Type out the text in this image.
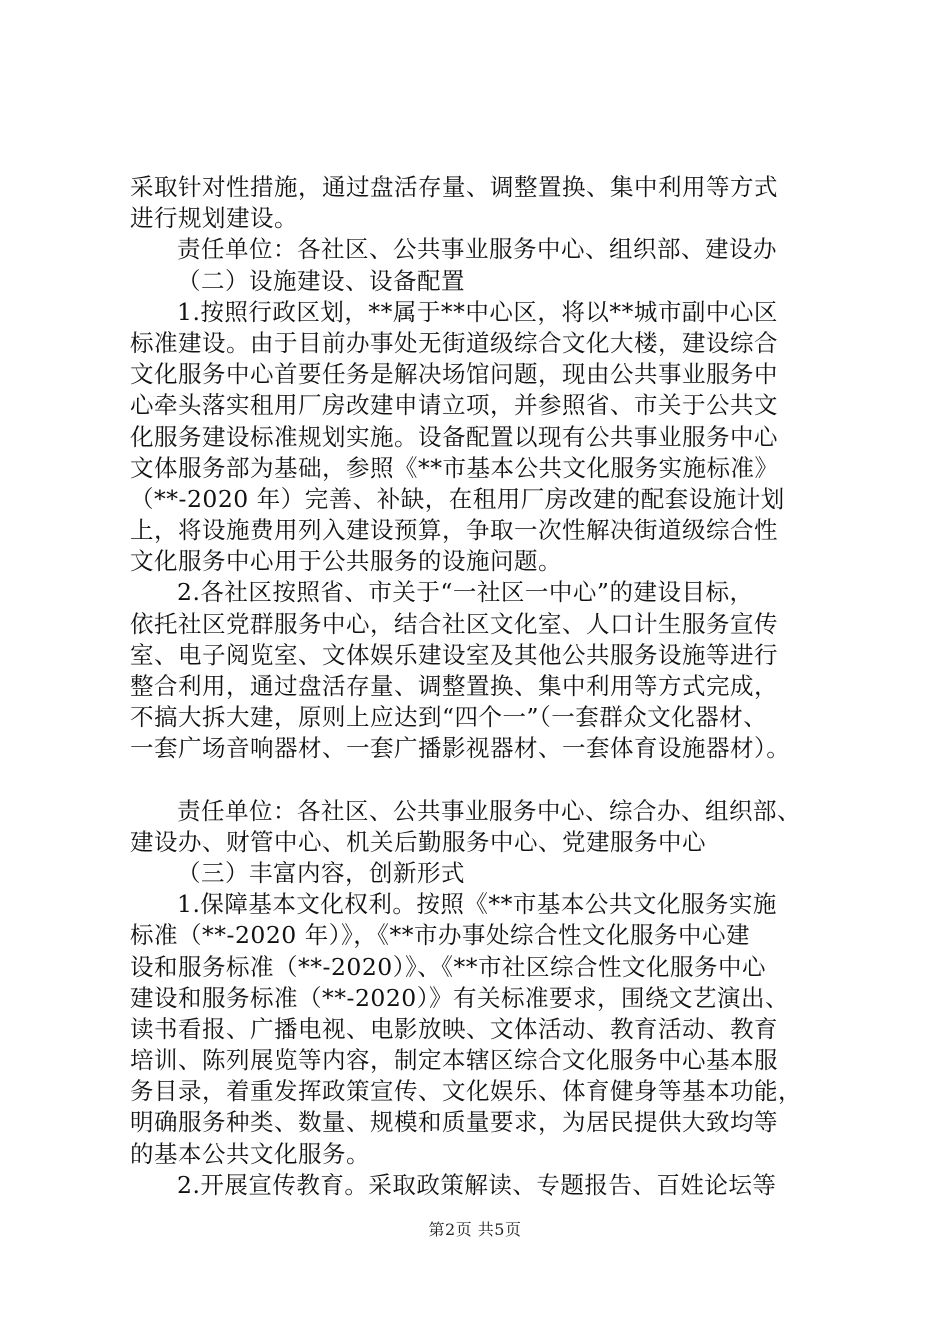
采取针对性措施，通过盘活存量、调整置换、集中利用等方式
进行规划建设。
责任单位：各社区、公共事业服务中心、组织部、建设办
（二）设施建设、设备配置
1.按照行政区划，**属于**中心区，将以**城市副中心区
标准建设。由于目前办事处无街道级综合文化大楼，建设综合
文化服务中心首要任务是解决场馆问题，现由公共事业服务中
心牵头落实租用厂房改建申请立项，并参照省、市关于公共文
化服务建设标准规划实施。设备配置以现有公共事业服务中心
文体服务部为基础，参照《**市基本公共文化服务实施标准》
（**-2020 年）完善、补缺，在租用厂房改建的配套设施计划
上，将设施费用列入建设预算，争取一次性解决街道级综合性
文化服务中心用于公共服务的设施问题。
2.各社区按照省、市关于“一社区一中心”的建设目标，
依托社区党群服务中心，结合社区文化室、人口计生服务宣传
室、电子阅览室、文体娱乐建设室及其他公共服务设施等进行
整合利用，通过盘活存量、调整置换、集中利用等方式完成，
不搞大拆大建，原则上应达到“四个一”（一套群众文化器材、
一套广场音响器材、一套广播影视器材、一套体育设施器材）。
责任单位：各社区、公共事业服务中心、综合办、组织部、
建设办、财管中心、机关后勤服务中心、党建服务中心
（三）丰富内容，创新形式
1.保障基本文化权利。按照《**市基本公共文化服务实施
标准（**-2020 年）》，《**市办事处综合性文化服务中心建
设和服务标准（**-2020）》、《**市社区综合性文化服务中心
建设和服务标准（**-2020）》有关标准要求，围绕文艺演出、
读书看报、广播电视、电影放映、文体活动、教育活动、教育
培训、陈列展览等内容，制定本辖区综合文化服务中心基本服
务目录，着重发挥政策宣传、文化娱乐、体育健身等基本功能，
明确服务种类、数量、规模和质量要求，为居民提供大致均等
的基本公共文化服务。
2.开展宣传教育。采取政策解读、专题报告、百姓论坛等
第2页 共5页
